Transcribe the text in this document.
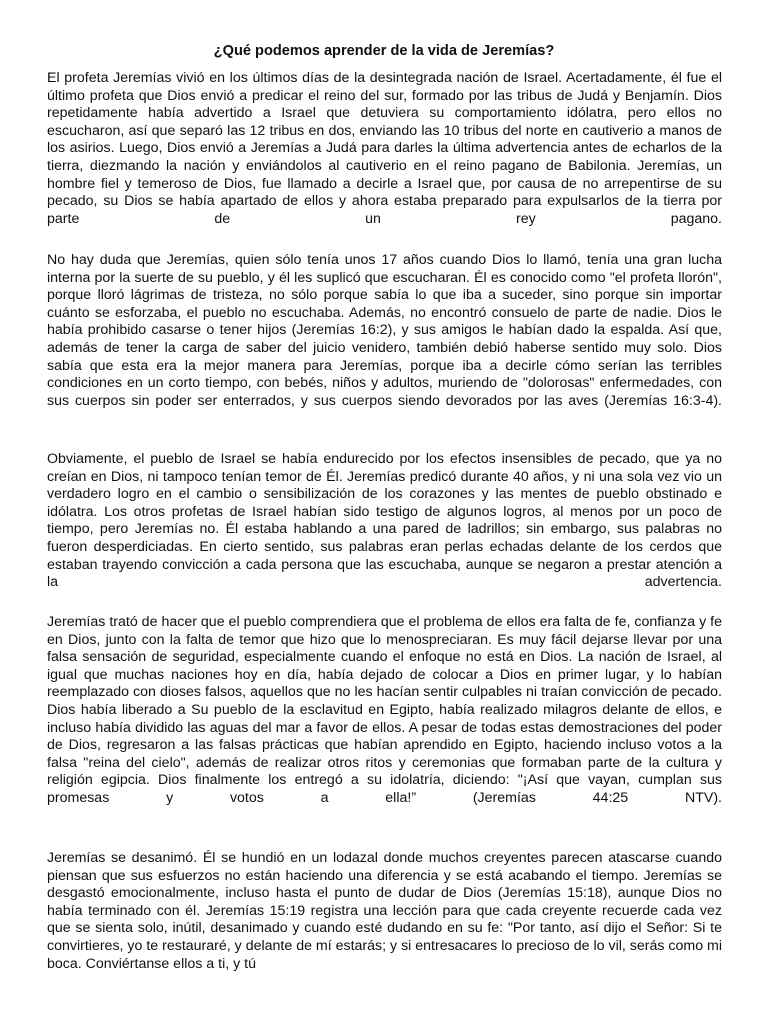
¿Qué podemos aprender de la vida de Jeremías?

El profeta Jeremías vivió en los últimos días de la desintegrada nación de Israel. Acertadamente, él fue el último profeta que Dios envió a predicar el reino del sur, formado por las tribus de Judá y Benjamín. Dios repetidamente había advertido a Israel que detuviera su comportamiento idólatra, pero ellos no escucharon, así que separó las 12 tribus en dos, enviando las 10 tribus del norte en cautiverio a manos de los asirios. Luego, Dios envió a Jeremías a Judá para darles la última advertencia antes de echarlos de la tierra, diezmando la nación y enviándolos al cautiverio en el reino pagano de Babilonia. Jeremías, un hombre fiel y temeroso de Dios, fue llamado a decirle a Israel que, por causa de no arrepentirse de su pecado, su Dios se había apartado de ellos y ahora estaba preparado para expulsarlos de la tierra por parte de un rey pagano.

No hay duda que Jeremías, quien sólo tenía unos 17 años cuando Dios lo llamó, tenía una gran lucha interna por la suerte de su pueblo, y él les suplicó que escucharan. Él es conocido como "el profeta llorón", porque lloró lágrimas de tristeza, no sólo porque sabía lo que iba a suceder, sino porque sin importar cuánto se esforzaba, el pueblo no escuchaba. Además, no encontró consuelo de parte de nadie. Dios le había prohibido casarse o tener hijos (Jeremías 16:2), y sus amigos le habían dado la espalda. Así que, además de tener la carga de saber del juicio venidero, también debió haberse sentido muy solo. Dios sabía que esta era la mejor manera para Jeremías, porque iba a decirle cómo serían las terribles condiciones en un corto tiempo, con bebés, niños y adultos, muriendo de "dolorosas" enfermedades, con sus cuerpos sin poder ser enterrados, y sus cuerpos siendo devorados por las aves (Jeremías 16:3-4).

Obviamente, el pueblo de Israel se había endurecido por los efectos insensibles de pecado, que ya no creían en Dios, ni tampoco tenían temor de Él. Jeremías predicó durante 40 años, y ni una sola vez vio un verdadero logro en el cambio o sensibilización de los corazones y las mentes de pueblo obstinado e idólatra. Los otros profetas de Israel habían sido testigo de algunos logros, al menos por un poco de tiempo, pero Jeremías no. Él estaba hablando a una pared de ladrillos; sin embargo, sus palabras no fueron desperdiciadas. En cierto sentido, sus palabras eran perlas echadas delante de los cerdos que estaban trayendo convicción a cada persona que las escuchaba, aunque se negaron a prestar atención a la advertencia.

Jeremías trató de hacer que el pueblo comprendiera que el problema de ellos era falta de fe, confianza y fe en Dios, junto con la falta de temor que hizo que lo menospreciaran. Es muy fácil dejarse llevar por una falsa sensación de seguridad, especialmente cuando el enfoque no está en Dios. La nación de Israel, al igual que muchas naciones hoy en día, había dejado de colocar a Dios en primer lugar, y lo habían reemplazado con dioses falsos, aquellos que no les hacían sentir culpables ni traían convicción de pecado. Dios había liberado a Su pueblo de la esclavitud en Egipto, había realizado milagros delante de ellos, e incluso había dividido las aguas del mar a favor de ellos. A pesar de todas estas demostraciones del poder de Dios, regresaron a las falsas prácticas que habían aprendido en Egipto, haciendo incluso votos a la falsa "reina del cielo", además de realizar otros ritos y ceremonias que formaban parte de la cultura y religión egipcia. Dios finalmente los entregó a su idolatría, diciendo: "¡Así que vayan, cumplan sus promesas y votos a ella!” (Jeremías 44:25 NTV).

Jeremías se desanimó. Él se hundió en un lodazal donde muchos creyentes parecen atascarse cuando piensan que sus esfuerzos no están haciendo una diferencia y se está acabando el tiempo. Jeremías se desgastó emocionalmente, incluso hasta el punto de dudar de Dios (Jeremías 15:18), aunque Dios no había terminado con él. Jeremías 15:19 registra una lección para que cada creyente recuerde cada vez que se sienta solo, inútil, desanimado y cuando esté dudando en su fe: "Por tanto, así dijo el Señor: Si te convirtieres, yo te restauraré, y delante de mí estarás; y si entresacares lo precioso de lo vil, serás como mi boca. Conviértanse ellos a ti, y tú
